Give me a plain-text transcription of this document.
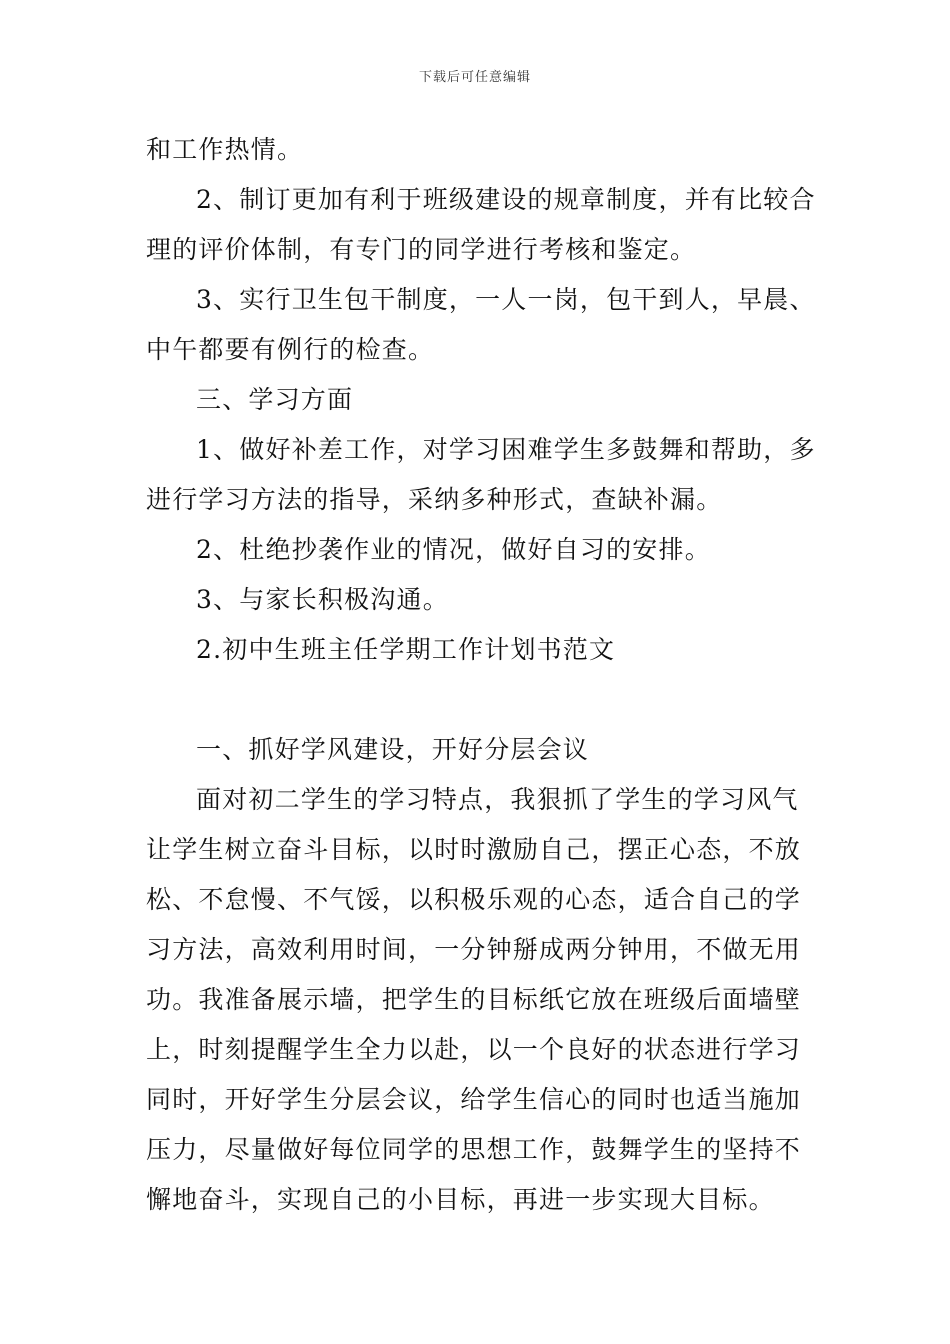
下载后可任意编辑
和工作热情。
2、制订更加有利于班级建设的规章制度，并有比较合
理的评价体制，有专门的同学进行考核和鉴定。
3、实行卫生包干制度，一人一岗，包干到人，早晨、
中午都要有例行的检查。
三、学习方面
1、做好补差工作，对学习困难学生多鼓舞和帮助，多
进行学习方法的指导，采纳多种形式，查缺补漏。
2、杜绝抄袭作业的情况，做好自习的安排。
3、与家长积极沟通。
2.初中生班主任学期工作计划书范文
一、抓好学风建设，开好分层会议
面对初二学生的学习特点，我狠抓了学生的学习风气
让学生树立奋斗目标，以时时激励自己，摆正心态，不放
松、不怠慢、不气馁，以积极乐观的心态，适合自己的学
习方法，高效利用时间，一分钟掰成两分钟用，不做无用
功。我准备展示墙，把学生的目标纸它放在班级后面墙壁
上，时刻提醒学生全力以赴，以一个良好的状态进行学习
同时，开好学生分层会议，给学生信心的同时也适当施加
压力，尽量做好每位同学的思想工作，鼓舞学生的坚持不
懈地奋斗，实现自己的小目标，再进一步实现大目标。
